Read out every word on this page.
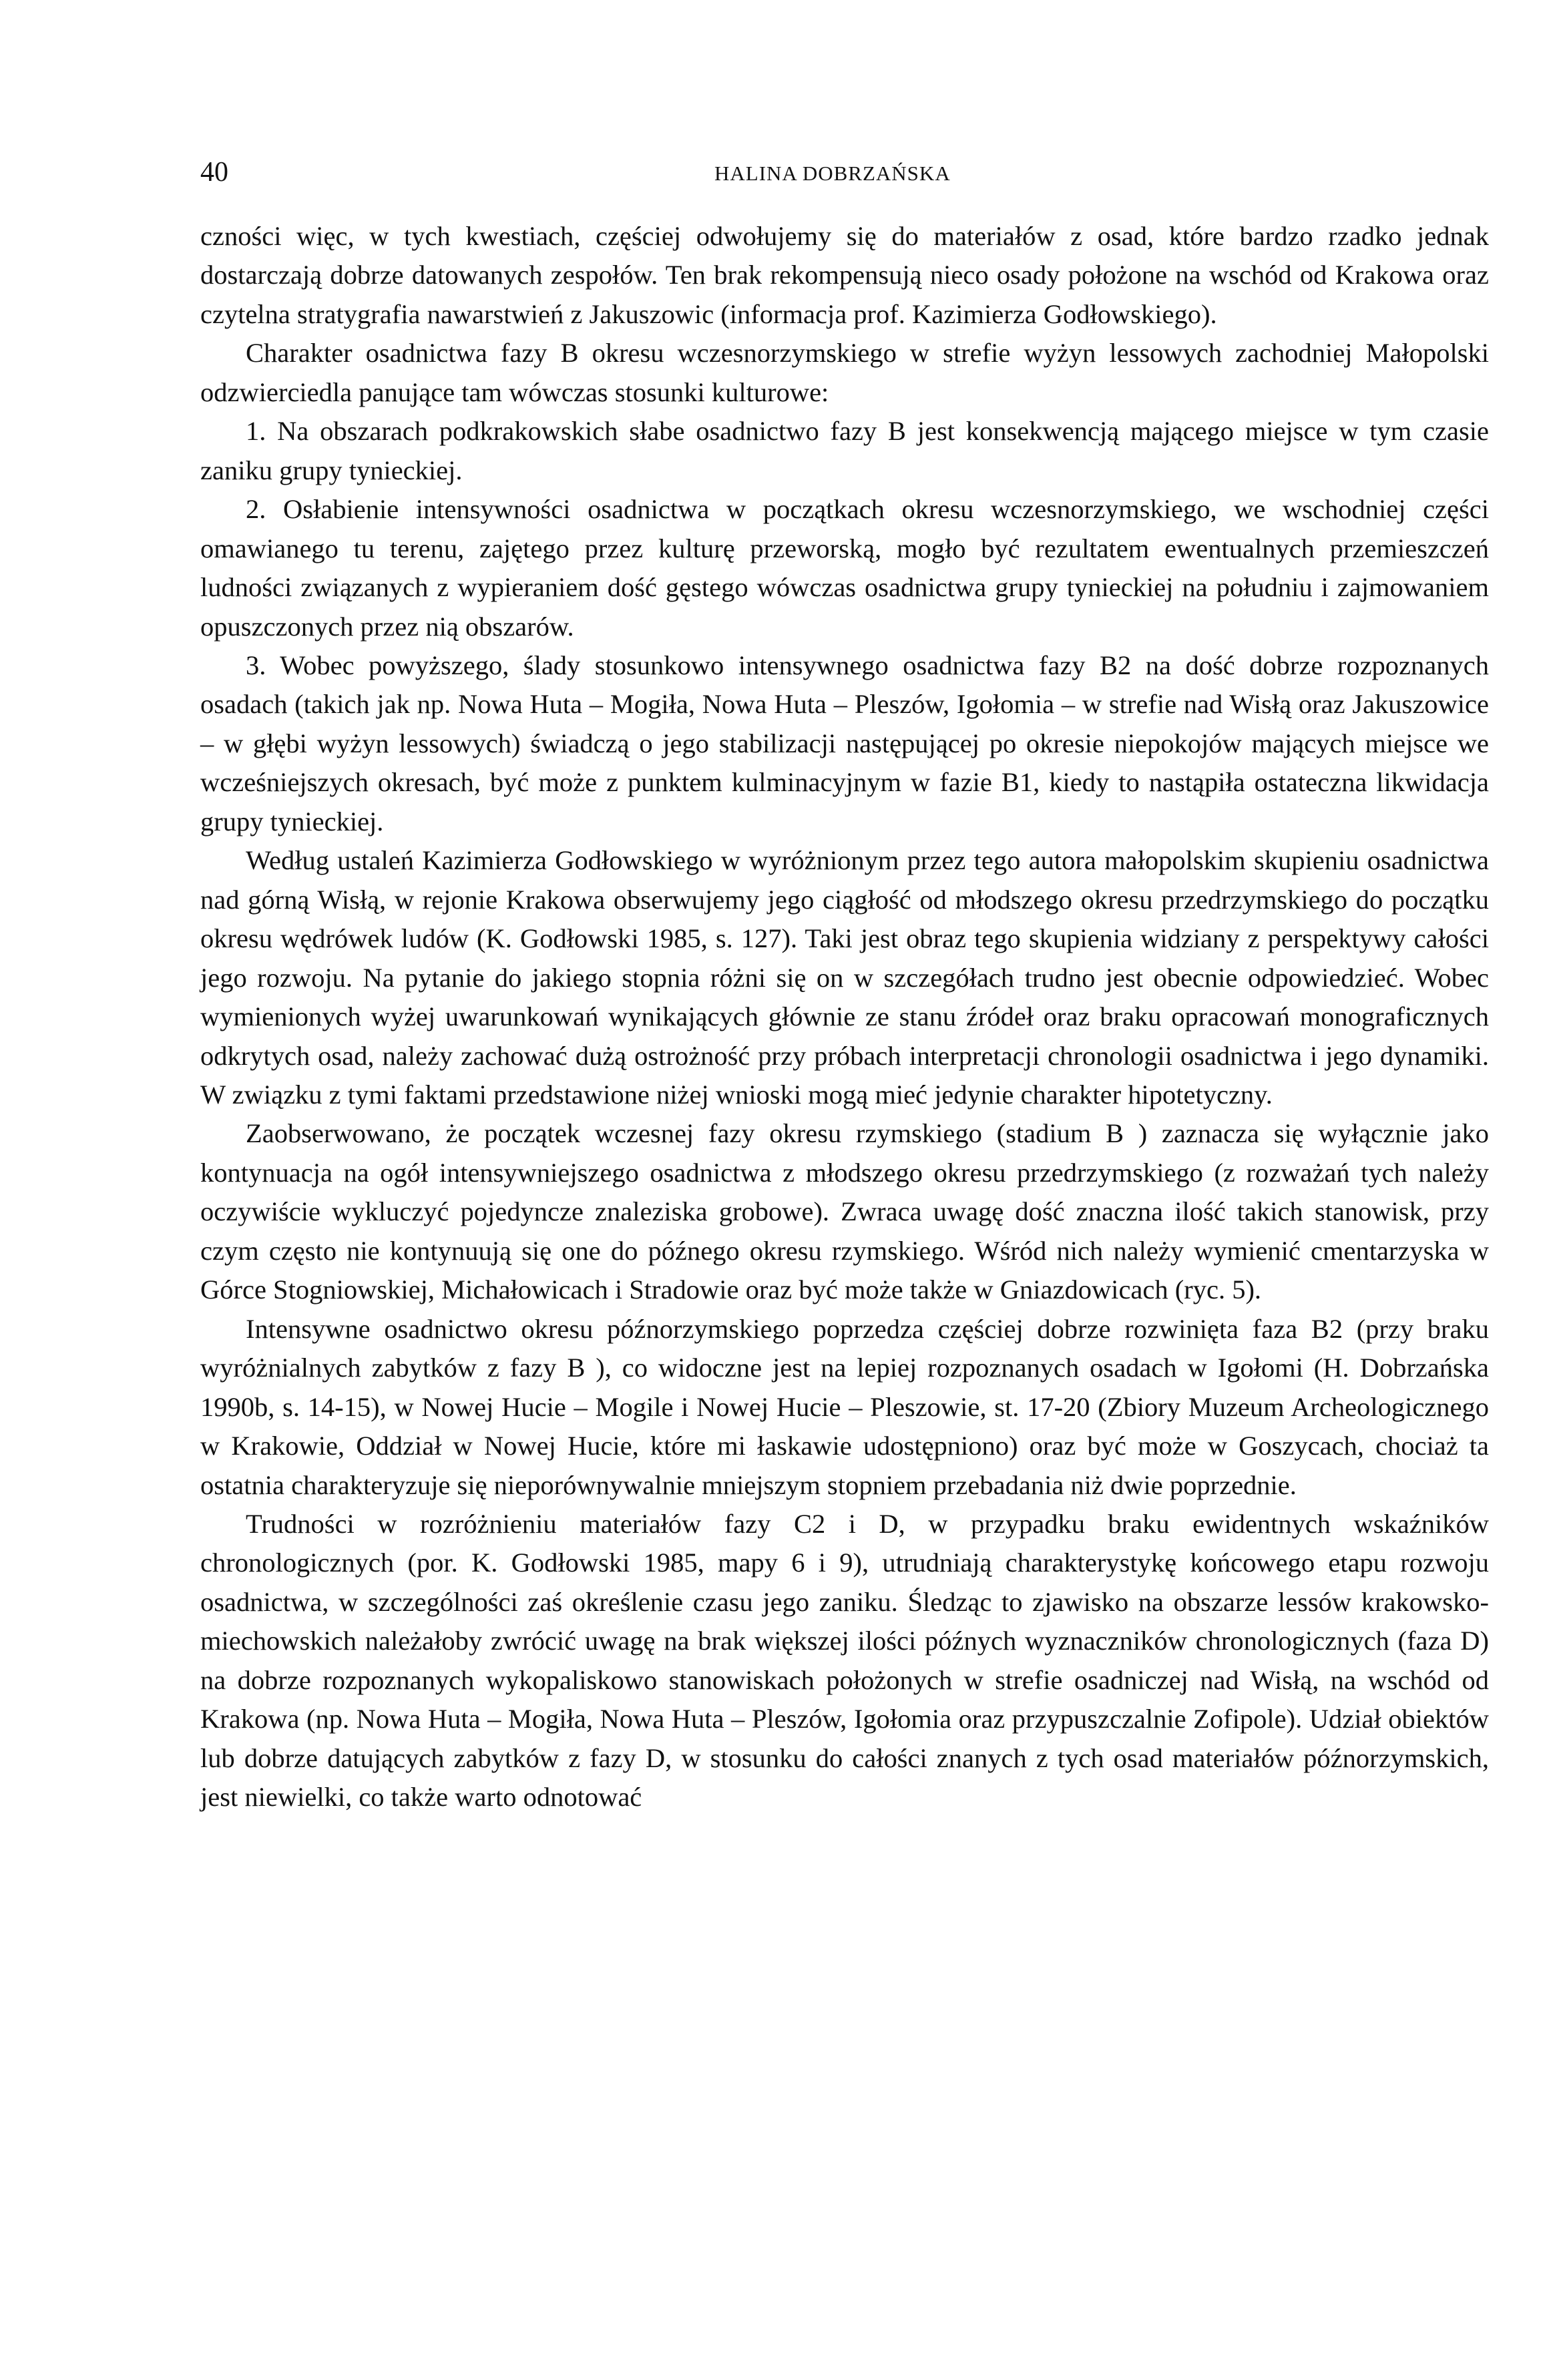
40	HALINA DOBRZAŃSKA

czności więc, w tych kwestiach, częściej odwołujemy się do materiałów z osad, które bardzo rzadko jednak dostarczają dobrze datowanych zespołów. Ten brak rekompensują nieco osady położone na wschód od Krakowa oraz czytelna stratygrafia nawarstwień z Jakuszowic (informacja prof. Kazimierza Godłowskiego).

Charakter osadnictwa fazy B okresu wczesnorzymskiego w strefie wyżyn lessowych zachodniej Małopolski odzwierciedla panujące tam wówczas stosunki kulturowe:

1. Na obszarach podkrakowskich słabe osadnictwo fazy B jest konsekwencją mającego miejsce w tym czasie zaniku grupy tynieckiej.

2. Osłabienie intensywności osadnictwa w początkach okresu wczesnorzymskiego, we wschodniej części omawianego tu terenu, zajętego przez kulturę przeworską, mogło być rezultatem ewentualnych przemieszczeń ludności związanych z wypieraniem dość gęstego wówczas osadnictwa grupy tynieckiej na południu i zajmowaniem opuszczonych przez nią obszarów.

3. Wobec powyższego, ślady stosunkowo intensywnego osadnictwa fazy B2 na dość dobrze rozpoznanych osadach (takich jak np. Nowa Huta – Mogiła, Nowa Huta – Pleszów, Igołomia – w strefie nad Wisłą oraz Jakuszowice – w głębi wyżyn lessowych) świadczą o jego stabilizacji następującej po okresie niepokojów mających miejsce we wcześniejszych okresach, być może z punktem kulminacyjnym w fazie B1, kiedy to nastąpiła ostateczna likwidacja grupy tynieckiej.

Według ustaleń Kazimierza Godłowskiego w wyróżnionym przez tego autora małopolskim skupieniu osadnictwa nad górną Wisłą, w rejonie Krakowa obserwujemy jego ciągłość od młodszego okresu przedrzymskiego do początku okresu wędrówek ludów (K. Godłowski 1985, s. 127). Taki jest obraz tego skupienia widziany z perspektywy całości jego rozwoju. Na pytanie do jakiego stopnia różni się on w szczegółach trudno jest obecnie odpowiedzieć. Wobec wymienionych wyżej uwarunkowań wynikających głównie ze stanu źródeł oraz braku opracowań monograficznych odkrytych osad, należy zachować dużą ostrożność przy próbach interpretacji chronologii osadnictwa i jego dynamiki. W związku z tymi faktami przedstawione niżej wnioski mogą mieć jedynie charakter hipotetyczny.

Zaobserwowano, że początek wczesnej fazy okresu rzymskiego (stadium B ) zaznacza się wyłącznie jako kontynuacja na ogół intensywniejszego osadnictwa z młodszego okresu przedrzymskiego (z rozważań tych należy oczywiście wykluczyć pojedyncze znaleziska grobowe). Zwraca uwagę dość znaczna ilość takich stanowisk, przy czym często nie kontynuują się one do późnego okresu rzymskiego. Wśród nich należy wymienić cmentarzyska w Górce Stogniowskiej, Michałowicach i Stradowie oraz być może także w Gniazdowicach (ryc. 5).

Intensywne osadnictwo okresu późnorzymskiego poprzedza częściej dobrze rozwinięta faza B2 (przy braku wyróżnialnych zabytków z fazy B ), co widoczne jest na lepiej rozpoznanych osadach w Igołomi (H. Dobrzańska 1990b, s. 14-15), w Nowej Hucie – Mogile i Nowej Hucie – Pleszowie, st. 17-20 (Zbiory Muzeum Archeologicznego w Krakowie, Oddział w Nowej Hucie, które mi łaskawie udostępniono) oraz być może w Goszycach, chociaż ta ostatnia charakteryzuje się nieporównywalnie mniejszym stopniem przebadania niż dwie poprzednie.

Trudności w rozróżnieniu materiałów fazy C2 i D, w przypadku braku ewidentnych wskaźników chronologicznych (por. K. Godłowski 1985, mapy 6 i 9), utrudniają charakterystykę końcowego etapu rozwoju osadnictwa, w szczególności zaś określenie czasu jego zaniku. Śledząc to zjawisko na obszarze lessów krakowsko-miechowskich należałoby zwrócić uwagę na brak większej ilości późnych wyznaczników chronologicznych (faza D) na dobrze rozpoznanych wykopaliskowo stanowiskach położonych w strefie osadniczej nad Wisłą, na wschód od Krakowa (np. Nowa Huta – Mogiła, Nowa Huta – Pleszów, Igołomia oraz przypuszczalnie Zofipole). Udział obiektów lub dobrze datujących zabytków z fazy D, w stosunku do całości znanych z tych osad materiałów późnorzymskich, jest niewielki, co także warto odnotować
